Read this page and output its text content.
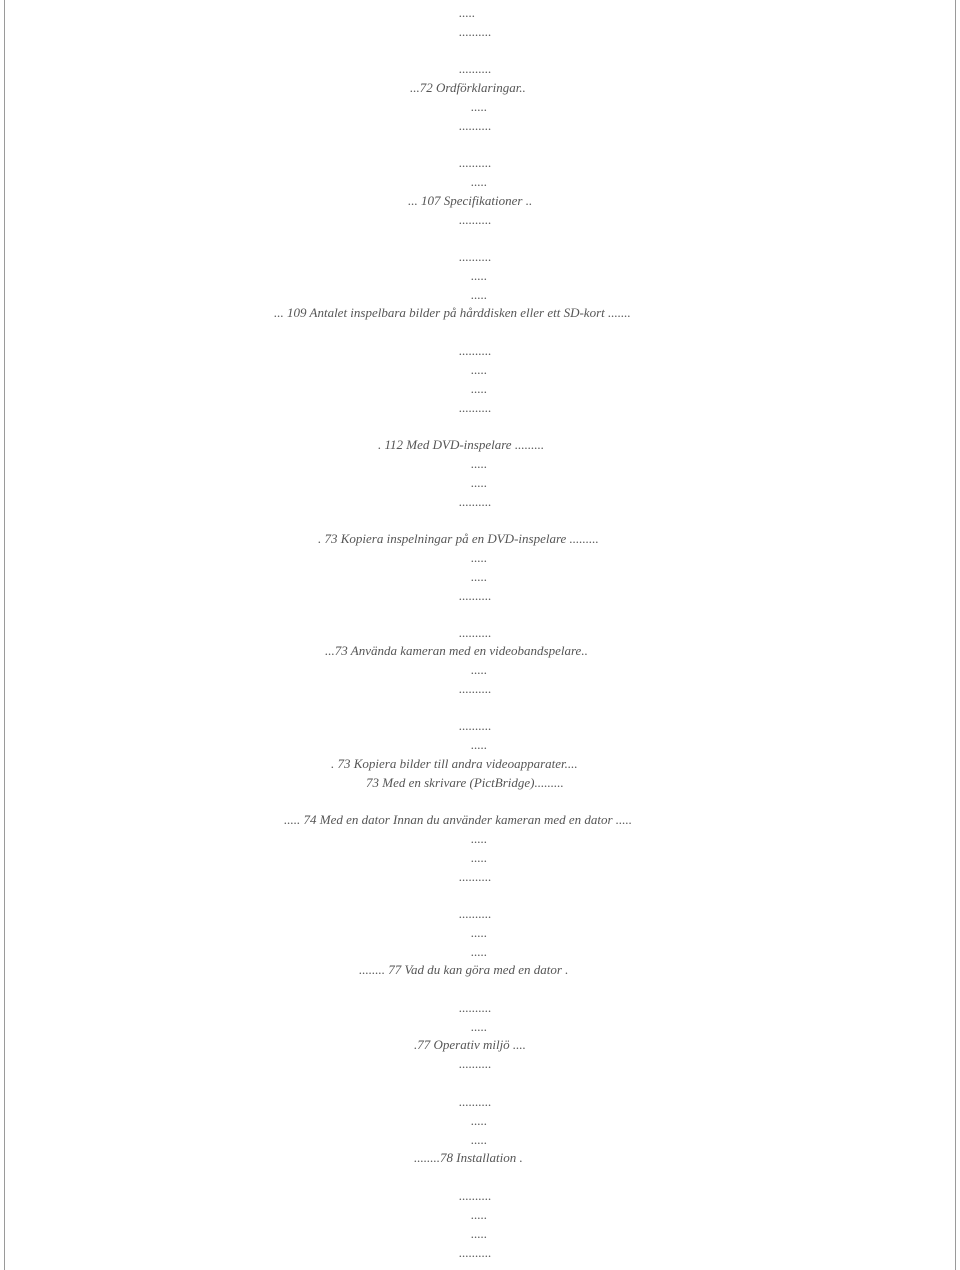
.....

..........

..........

...72 Ordförklaringar..

.....

..........

..........

.....

... 107 Specifikationer ..

..........

..........

.....

.....

... 109 Antalet inspelbara bilder på hårddisken eller ett SD-kort .......

..........

.....

.....

..........

. 112 Med DVD-inspelare .........

.....

.....

..........

. 73 Kopiera inspelningar på en DVD-inspelare .........

.....

.....

..........

..........

...73 Använda kameran med en videobandspelare..

.....

..........

..........

.....

. 73 Kopiera bilder till andra videoapparater....

73 Med en skrivare (PictBridge).........

..... 74 Med en dator Innan du använder kameran med en dator .....

.....

.....

..........

..........

.....

.....

........ 77 Vad du kan göra med en dator .

..........

.....

.77 Operativ miljö ....

..........

..........

.....

.....

........78 Installation .

..........

.....

.....

..........
